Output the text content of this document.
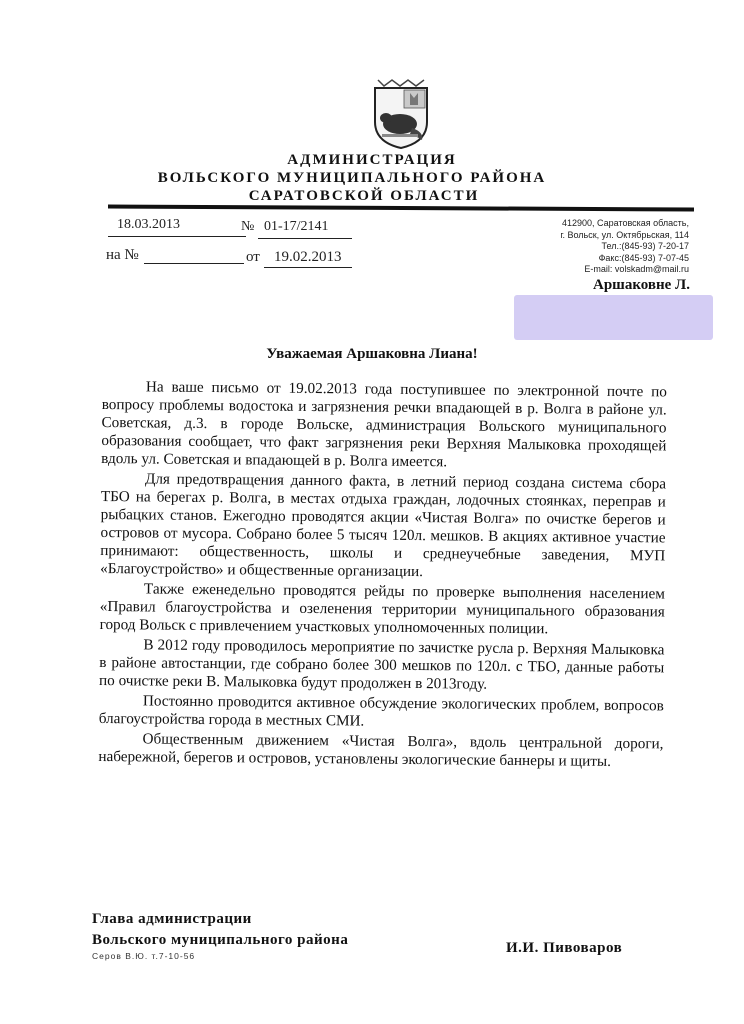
АДМИНИСТРАЦИЯ
ВОЛЬСКОГО МУНИЦИПАЛЬНОГО РАЙОНА
САРАТОВСКОЙ ОБЛАСТИ
18.03.2013	№ 01-17/2141
на №	от 19.02.2013
412900, Саратовская область,
г. Вольск, ул. Октябрьская, 114
Тел.:(845-93) 7-20-17
Факс:(845-93) 7-07-45
E-mail: volskadm@mail.ru
Аршаковне Л.
Уважаемая Аршаковна Лиана!

На ваше письмо от 19.02.2013 года поступившее по электронной почте по вопросу проблемы водостока и загрязнения речки впадающей в р. Волга в районе ул. Советская, д.3. в городе Вольске, администрация Вольского муниципального образования сообщает, что факт загрязнения реки Верхняя Малыковка проходящей вдоль ул. Советская и впадающей в р. Волга имеется.

Для предотвращения данного факта, в летний период создана система сбора ТБО на берегах р. Волга, в местах отдыха граждан, лодочных стоянках, переправ и рыбацких станов. Ежегодно проводятся акции «Чистая Волга» по очистке берегов и островов от мусора. Собрано более 5 тысяч 120л. мешков. В акциях активное участие принимают: общественность, школы и среднеучебные заведения, МУП «Благоустройство» и общественные организации.

Также еженедельно проводятся рейды по проверке выполнения населением «Правил благоустройства и озеленения территории муниципального образования город Вольск с привлечением участковых уполномоченных полиции.

В 2012 году проводилось мероприятие по зачистке русла р. Верхняя Малыковка в районе автостанции, где собрано более 300 мешков по 120л. с ТБО, данные работы по очистке реки В. Малыковка будут продолжен в 2013году.

Постоянно проводится активное обсуждение экологических проблем, вопросов благоустройства города в местных СМИ.

Общественным движением «Чистая Волга», вдоль центральной дороги, набережной, берегов и островов, установлены экологические баннеры и щиты.

Глава администрации
Вольского муниципального района	И.И. Пивоваров
Серов В.Ю. т.7-10-56
